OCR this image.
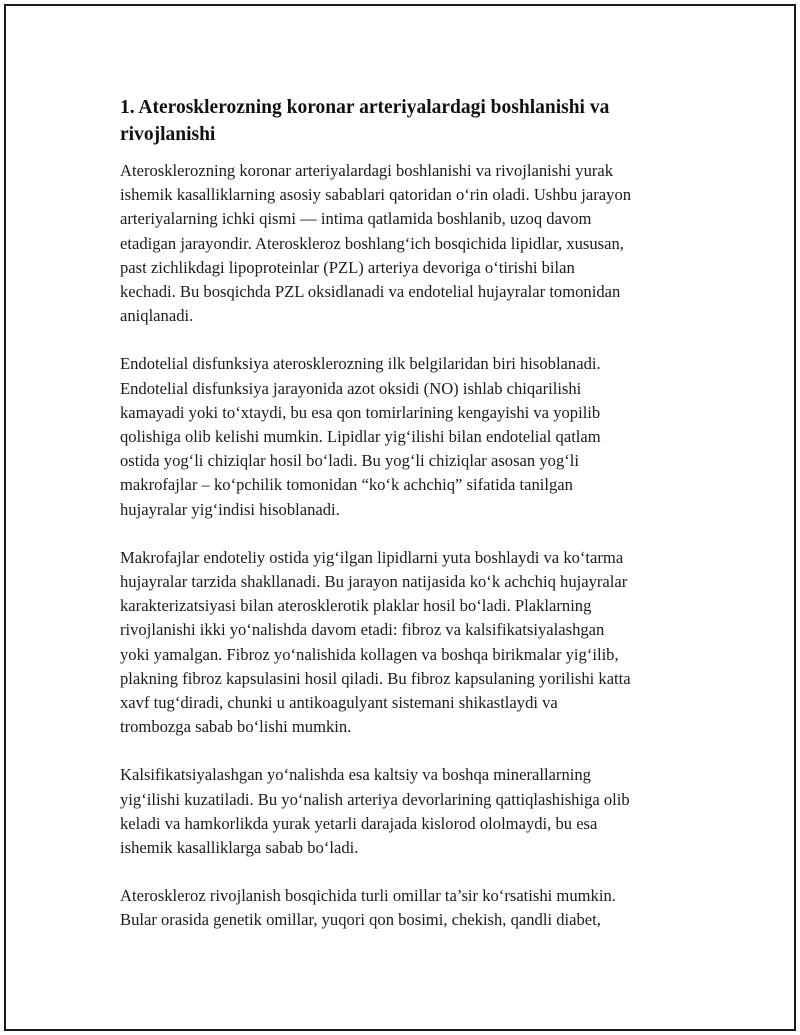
1. Aterosklerozning koronar arteriyalardagi boshlanishi va
rivojlanishi

Aterosklerozning koronar arteriyalardagi boshlanishi va rivojlanishi yurak
ishemik kasalliklarning asosiy sabablari qatoridan o‘rin oladi. Ushbu jarayon
arteriyalarning ichki qismi — intima qatlamida boshlanib, uzoq davom
etadigan jarayondir. Ateroskleroz boshlang‘ich bosqichida lipidlar, xususan,
past zichlikdagi lipoproteinlar (PZL) arteriya devoriga o‘tirishi bilan
kechadi. Bu bosqichda PZL oksidlanadi va endotelial hujayralar tomonidan
aniqlanadi.

Endotelial disfunksiya aterosklerozning ilk belgilaridan biri hisoblanadi.
Endotelial disfunksiya jarayonida azot oksidi (NO) ishlab chiqarilishi
kamayadi yoki to‘xtaydi, bu esa qon tomirlarining kengayishi va yopilib
qolishiga olib kelishi mumkin. Lipidlar yig‘ilishi bilan endotelial qatlam
ostida yog‘li chiziqlar hosil bo‘ladi. Bu yog‘li chiziqlar asosan yog‘li
makrofajlar – ko‘pchilik tomonidan “ko‘k achchiq” sifatida tanilgan
hujayralar yig‘indisi hisoblanadi.

Makrofajlar endoteliy ostida yig‘ilgan lipidlarni yuta boshlaydi va ko‘tarma
hujayralar tarzida shakllanadi. Bu jarayon natijasida ko‘k achchiq hujayralar
karakterizatsiyasi bilan aterosklerotik plaklar hosil bo‘ladi. Plaklarning
rivojlanishi ikki yo‘nalishda davom etadi: fibroz va kalsifikatsiyalashgan
yoki yamalgan. Fibroz yo‘nalishida kollagen va boshqa birikmalar yig‘ilib,
plakning fibroz kapsulasini hosil qiladi. Bu fibroz kapsulaning yorilishi katta
xavf tug‘diradi, chunki u antikoagulyant sistemani shikastlaydi va
trombozga sabab bo‘lishi mumkin.

Kalsifikatsiyalashgan yo‘nalishda esa kaltsiy va boshqa minerallarning
yig‘ilishi kuzatiladi. Bu yo‘nalish arteriya devorlarining qattiqlashishiga olib
keladi va hamkorlikda yurak yetarli darajada kislorod ololmaydi, bu esa
ishemik kasalliklarga sabab bo‘ladi.

Ateroskleroz rivojlanish bosqichida turli omillar ta’sir ko‘rsatishi mumkin.
Bular orasida genetik omillar, yuqori qon bosimi, chekish, qandli diabet,
